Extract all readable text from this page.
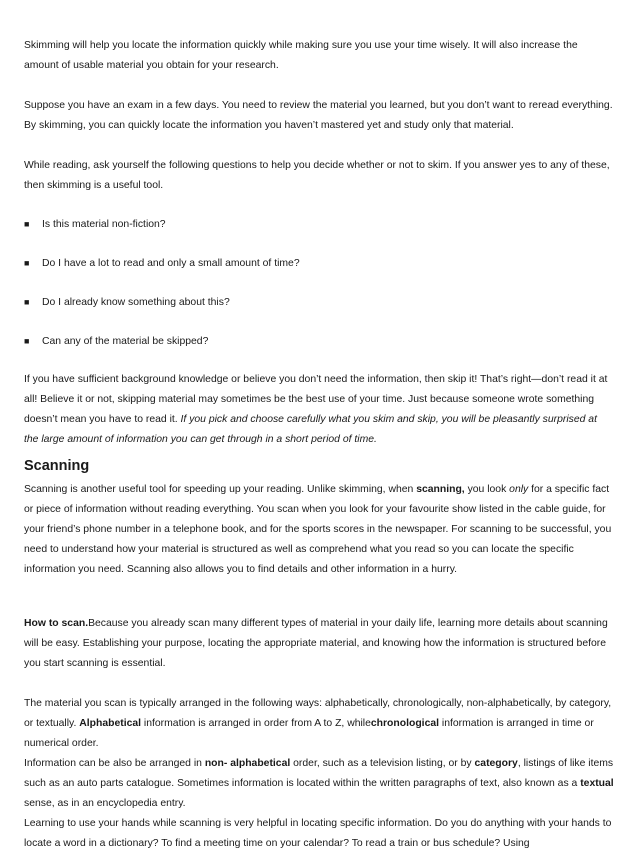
Skimming will help you locate the information quickly while making sure you use your time wisely. It will also increase the amount of usable material you obtain for your research.

Suppose you have an exam in a few days. You need to review the material you learned, but you don’t want to reread everything. By skimming, you can quickly locate the information you haven’t mastered yet and study only that material.

While reading, ask yourself the following questions to help you decide whether or not to skim. If you answer yes to any of these, then skimming is a useful tool.

■	Is this material non-fiction?
■	Do I have a lot to read and only a small amount of time?
■	Do I already know something about this?
■	Can any of the material be skipped?

If you have sufficient background knowledge or believe you don’t need the information, then skip it! That’s right—don’t read it at all! Believe it or not, skipping material may sometimes be the best use of your time. Just because someone wrote something doesn’t mean you have to read it. If you pick and choose carefully what you skim and skip, you will be pleasantly surprised at the large amount of information you can get through in a short period of time.

Scanning

Scanning is another useful tool for speeding up your reading. Unlike skimming, when scanning, you look only for a specific fact or piece of information without reading everything. You scan when you look for your favourite show listed in the cable guide, for your friend’s phone number in a telephone book, and for the sports scores in the newspaper. For scanning to be successful, you need to understand how your material is structured as well as comprehend what you read so you can locate the specific information you need. Scanning also allows you to find details and other information in a hurry.

How to scan.Because you already scan many different types of material in your daily life, learning more details about scanning will be easy. Establishing your purpose, locating the appropriate material, and knowing how the information is structured before you start scanning is essential.

The material you scan is typically arranged in the following ways: alphabetically, chronologically, non-alphabetically, by category, or textually. Alphabetical information is arranged in order from A to Z, whilechronological information is arranged in time or numerical order.

Information can be also be arranged in non- alphabetical order, such as a television listing, or by category, listings of like items such as an auto parts catalogue. Sometimes information is located within the written paragraphs of text, also known as a textual sense, as in an encyclopedia entry.

Learning to use your hands while scanning is very helpful in locating specific information. Do you do anything with your hands to locate a word in a dictionary? To find a meeting time on your calendar? To read a train or bus schedule? Using
